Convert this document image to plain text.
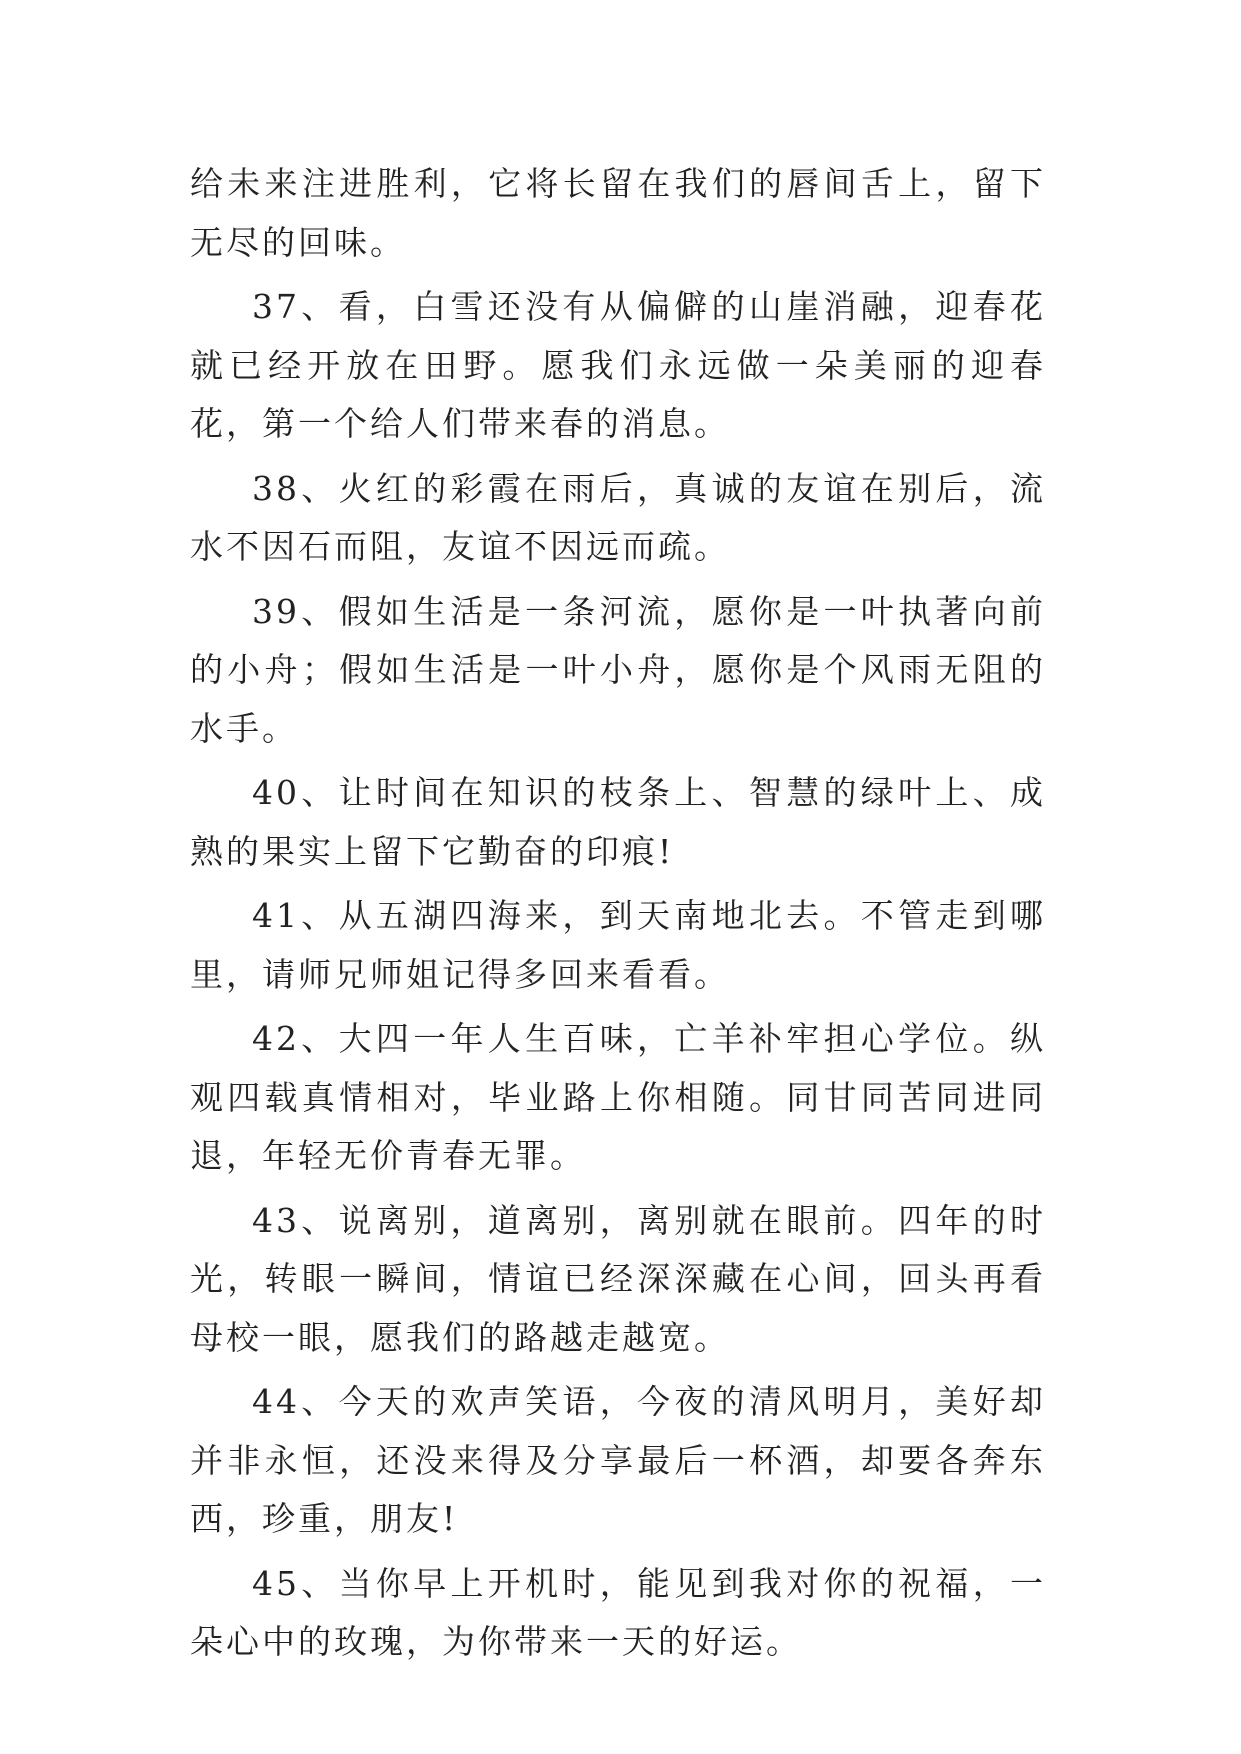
给未来注进胜利，它将长留在我们的唇间舌上，留下无尽的回味。

37、看，白雪还没有从偏僻的山崖消融，迎春花就已经开放在田野。愿我们永远做一朵美丽的迎春花，第一个给人们带来春的消息。

38、火红的彩霞在雨后，真诚的友谊在别后，流水不因石而阻，友谊不因远而疏。

39、假如生活是一条河流，愿你是一叶执著向前的小舟；假如生活是一叶小舟，愿你是个风雨无阻的水手。

40、让时间在知识的枝条上、智慧的绿叶上、成熟的果实上留下它勤奋的印痕!

41、从五湖四海来，到天南地北去。不管走到哪里，请师兄师姐记得多回来看看。

42、大四一年人生百味，亡羊补牢担心学位。纵观四载真情相对，毕业路上你相随。同甘同苦同进同退，年轻无价青春无罪。

43、说离别，道离别，离别就在眼前。四年的时光，转眼一瞬间，情谊已经深深藏在心间，回头再看母校一眼，愿我们的路越走越宽。

44、今天的欢声笑语，今夜的清风明月，美好却并非永恒，还没来得及分享最后一杯酒，却要各奔东西，珍重，朋友!

45、当你早上开机时，能见到我对你的祝福，一朵心中的玫瑰，为你带来一天的好运。
